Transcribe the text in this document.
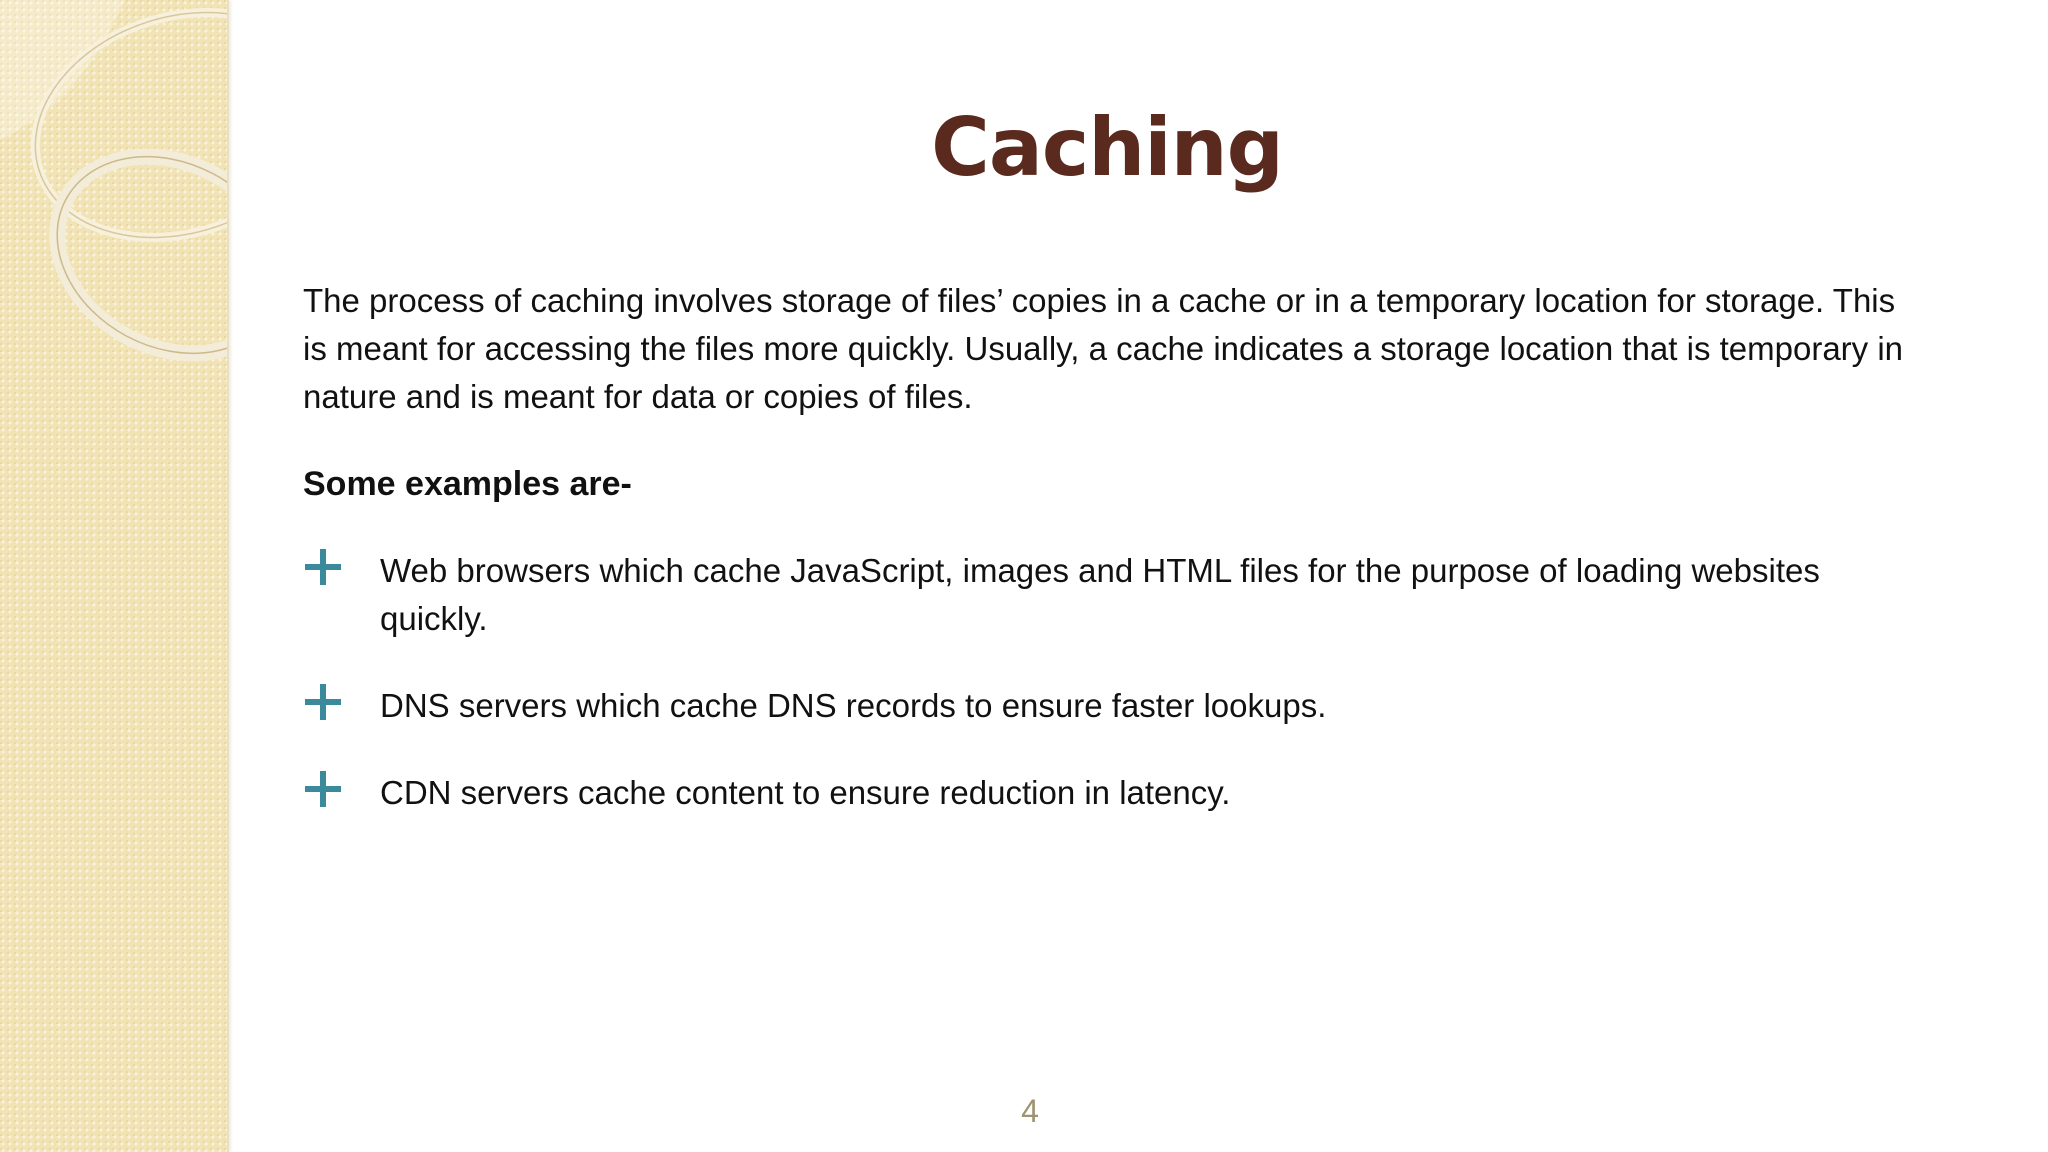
Caching

The process of caching involves storage of files’ copies in a cache or in a temporary location for storage. This is meant for accessing the files more quickly. Usually, a cache indicates a storage location that is temporary in nature and is meant for data or copies of files.

Some examples are-

Web browsers which cache JavaScript, images and HTML files for the purpose of loading websites quickly.
DNS servers which cache DNS records to ensure faster lookups.
CDN servers cache content to ensure reduction in latency.
4
